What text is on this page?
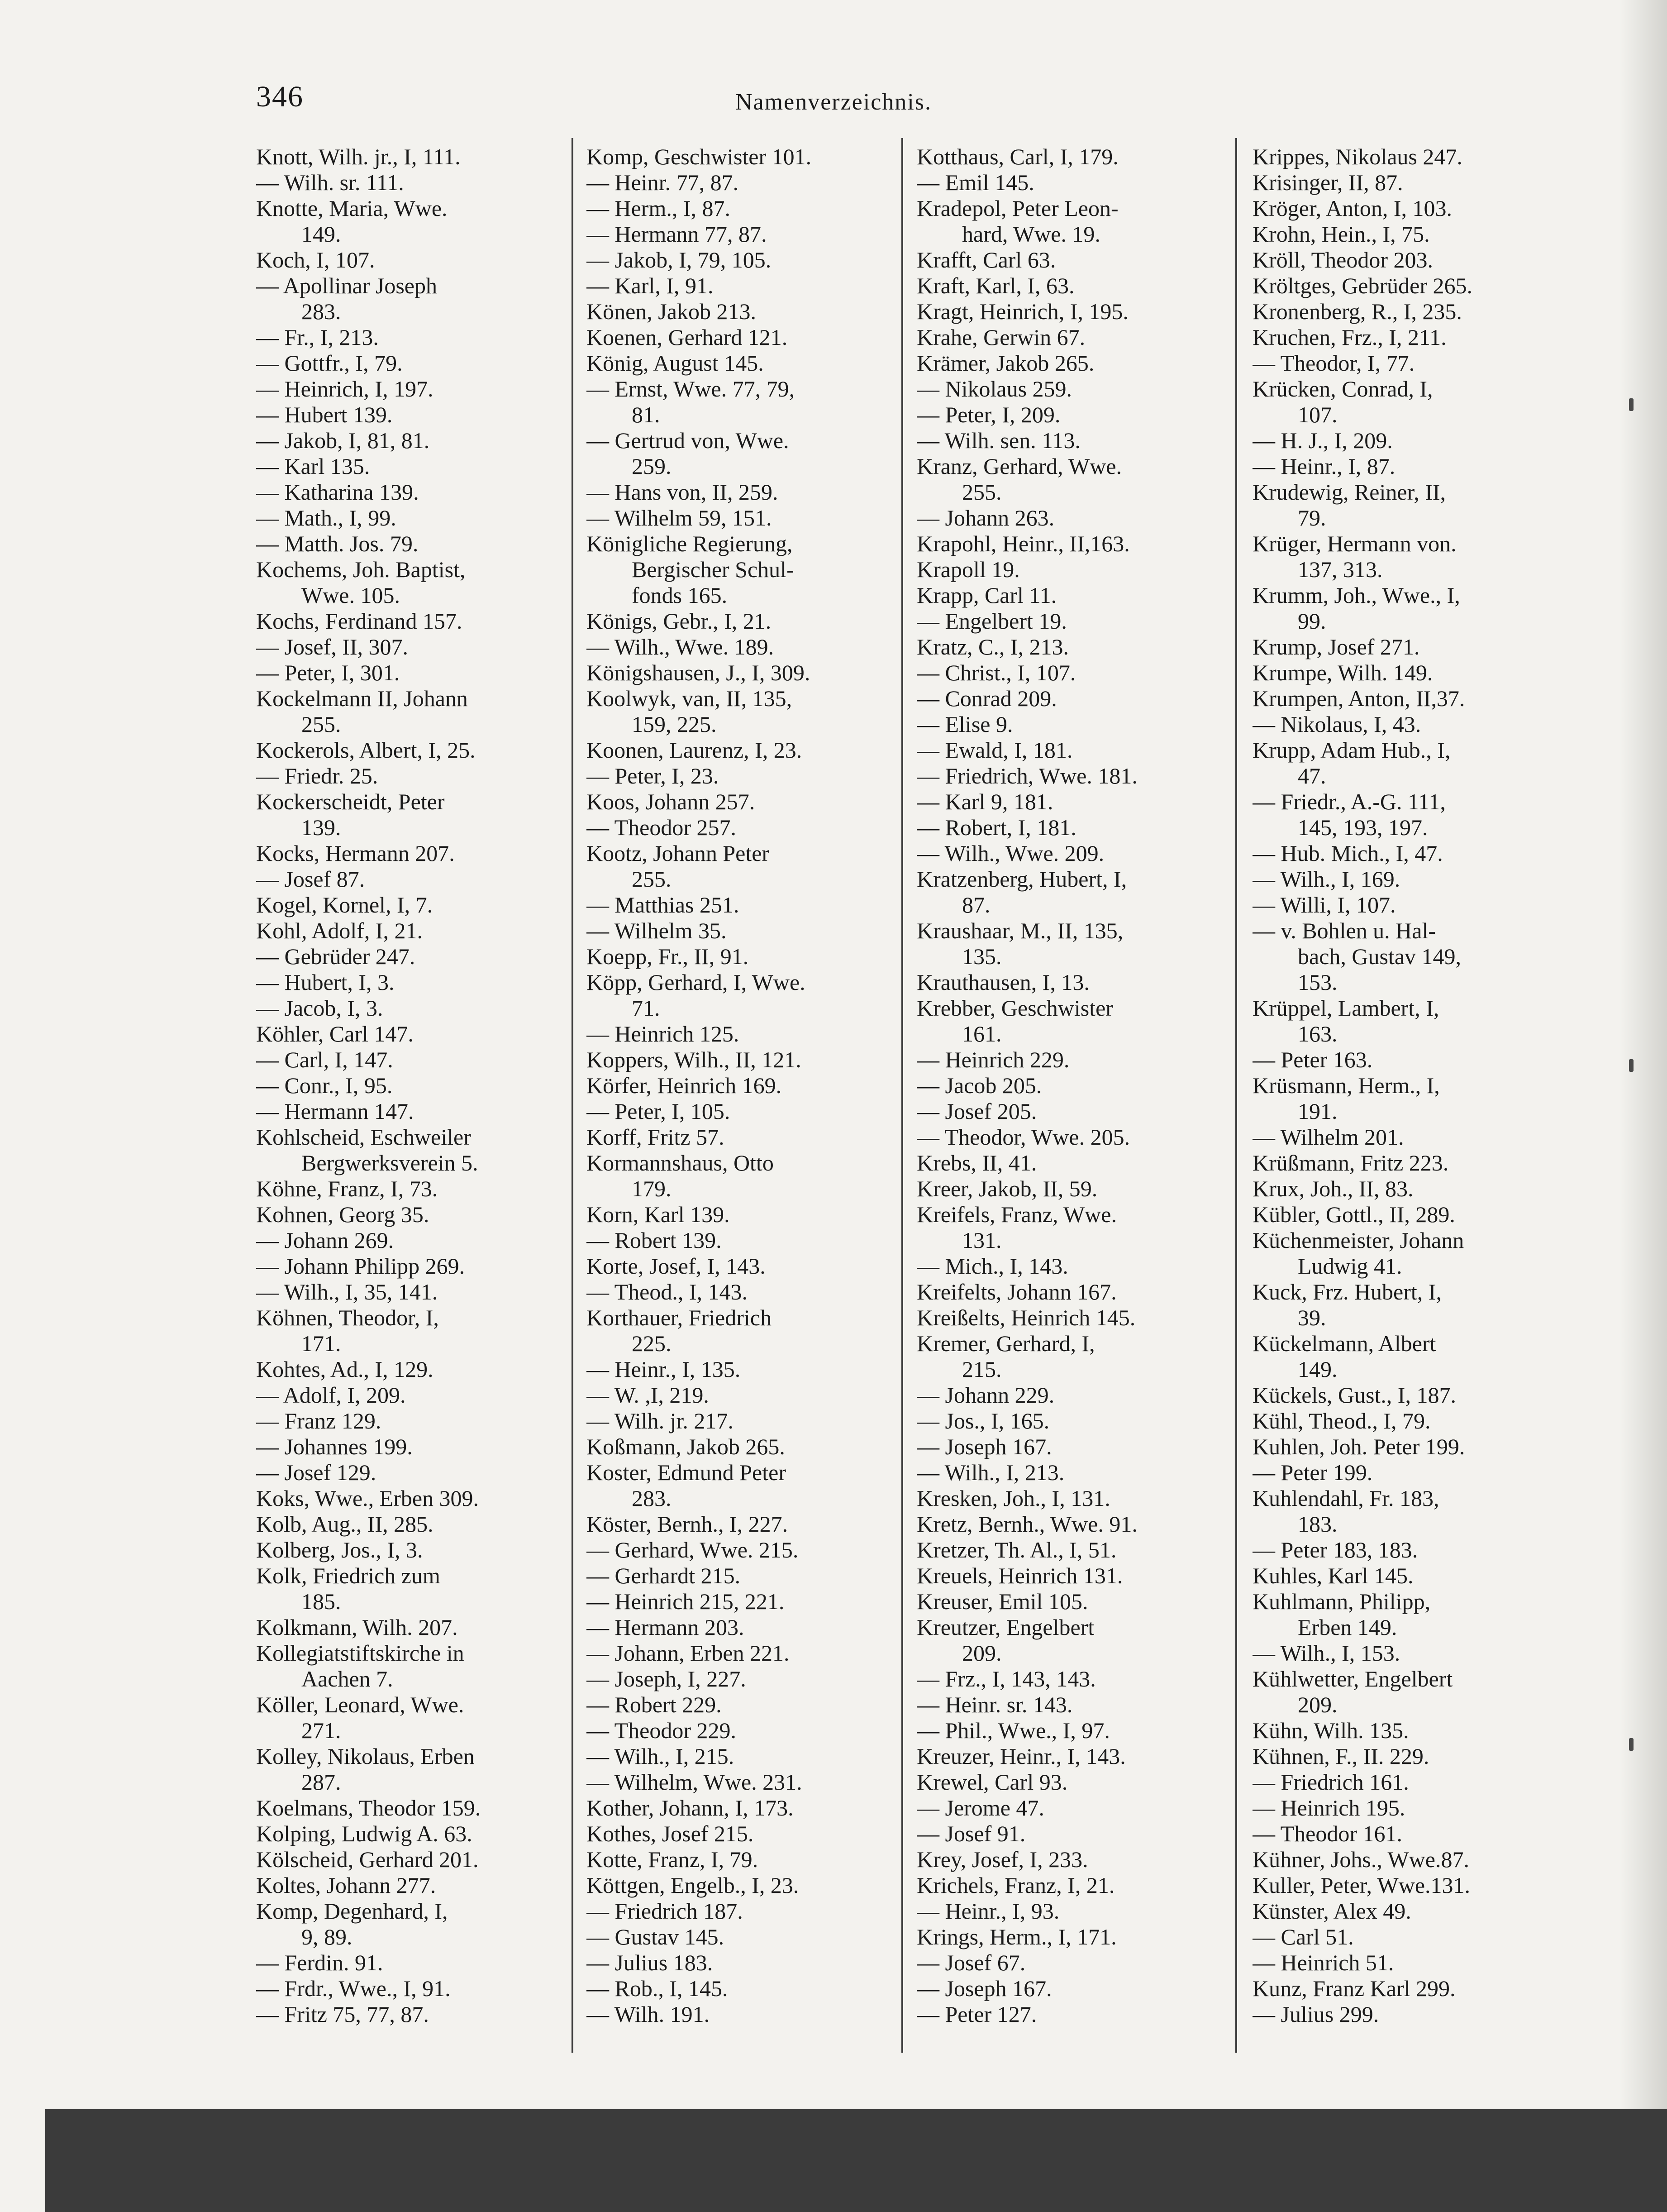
346	Namenverzeichnis.
Knott, Wilh. jr., I, 111.
— Wilh. sr. 111.
Knotte, Maria, Wwe.
149.
Koch, I, 107.
— Apollinar Joseph
283.
— Fr., I, 213.
— Gottfr., I, 79.
— Heinrich, I, 197.
— Hubert 139.
— Jakob, I, 81, 81.
— Karl 135.
— Katharina 139.
— Math., I, 99.
— Matth. Jos. 79.
Kochems, Joh. Baptist,
Wwe. 105.
Kochs, Ferdinand 157.
— Josef, II, 307.
— Peter, I, 301.
Kockelmann II, Johann
255.
Kockerols, Albert, I, 25.
— Friedr. 25.
Kockerscheidt, Peter
139.
Kocks, Hermann 207.
— Josef 87.
Kogel, Kornel, I, 7.
Kohl, Adolf, I, 21.
— Gebrüder 247.
— Hubert, I, 3.
— Jacob, I, 3.
Köhler, Carl 147.
— Carl, I, 147.
— Conr., I, 95.
— Hermann 147.
Kohlscheid, Eschweiler
Bergwerksverein 5.
Köhne, Franz, I, 73.
Kohnen, Georg 35.
— Johann 269.
— Johann Philipp 269.
— Wilh., I, 35, 141.
Köhnen, Theodor, I,
171.
Kohtes, Ad., I, 129.
— Adolf, I, 209.
— Franz 129.
— Johannes 199.
— Josef 129.
Koks, Wwe., Erben 309.
Kolb, Aug., II, 285.
Kolberg, Jos., I, 3.
Kolk, Friedrich zum
185.
Kolkmann, Wilh. 207.
Kollegiatstiftskirche in
Aachen 7.
Köller, Leonard, Wwe.
271.
Kolley, Nikolaus, Erben
287.
Koelmans, Theodor 159.
Kolping, Ludwig A. 63.
Kölscheid, Gerhard 201.
Koltes, Johann 277.
Komp, Degenhard, I,
9, 89.
— Ferdin. 91.
— Frdr., Wwe., I, 91.
— Fritz 75, 77, 87.
Komp, Geschwister 101.
— Heinr. 77, 87.
— Herm., I, 87.
— Hermann 77, 87.
— Jakob, I, 79, 105.
— Karl, I, 91.
Könen, Jakob 213.
Koenen, Gerhard 121.
König, August 145.
— Ernst, Wwe. 77, 79,
81.
— Gertrud von, Wwe.
259.
— Hans von, II, 259.
— Wilhelm 59, 151.
Königliche Regierung,
Bergischer Schul-
fonds 165.
Königs, Gebr., I, 21.
— Wilh., Wwe. 189.
Königshausen, J., I, 309.
Koolwyk, van, II, 135,
159, 225.
Koonen, Laurenz, I, 23.
— Peter, I, 23.
Koos, Johann 257.
— Theodor 257.
Kootz, Johann Peter
255.
— Matthias 251.
— Wilhelm 35.
Koepp, Fr., II, 91.
Köpp, Gerhard, I, Wwe.
71.
— Heinrich 125.
Koppers, Wilh., II, 121.
Körfer, Heinrich 169.
— Peter, I, 105.
Korff, Fritz 57.
Kormannshaus, Otto
179.
Korn, Karl 139.
— Robert 139.
Korte, Josef, I, 143.
— Theod., I, 143.
Korthauer, Friedrich
225.
— Heinr., I, 135.
— W. ,I, 219.
— Wilh. jr. 217.
Koßmann, Jakob 265.
Koster, Edmund Peter
283.
Köster, Bernh., I, 227.
— Gerhard, Wwe. 215.
— Gerhardt 215.
— Heinrich 215, 221.
— Hermann 203.
— Johann, Erben 221.
— Joseph, I, 227.
— Robert 229.
— Theodor 229.
— Wilh., I, 215.
— Wilhelm, Wwe. 231.
Kother, Johann, I, 173.
Kothes, Josef 215.
Kotte, Franz, I, 79.
Köttgen, Engelb., I, 23.
— Friedrich 187.
— Gustav 145.
— Julius 183.
— Rob., I, 145.
— Wilh. 191.
Kotthaus, Carl, I, 179.
— Emil 145.
Kradepol, Peter Leon-
hard, Wwe. 19.
Krafft, Carl 63.
Kraft, Karl, I, 63.
Kragt, Heinrich, I, 195.
Krahe, Gerwin 67.
Krämer, Jakob 265.
— Nikolaus 259.
— Peter, I, 209.
— Wilh. sen. 113.
Kranz, Gerhard, Wwe.
255.
— Johann 263.
Krapohl, Heinr., II,163.
Krapoll 19.
Krapp, Carl 11.
— Engelbert 19.
Kratz, C., I, 213.
— Christ., I, 107.
— Conrad 209.
— Elise 9.
— Ewald, I, 181.
— Friedrich, Wwe. 181.
— Karl 9, 181.
— Robert, I, 181.
— Wilh., Wwe. 209.
Kratzenberg, Hubert, I,
87.
Kraushaar, M., II, 135,
135.
Krauthausen, I, 13.
Krebber, Geschwister
161.
— Heinrich 229.
— Jacob 205.
— Josef 205.
— Theodor, Wwe. 205.
Krebs, II, 41.
Kreer, Jakob, II, 59.
Kreifels, Franz, Wwe.
131.
— Mich., I, 143.
Kreifelts, Johann 167.
Kreißelts, Heinrich 145.
Kremer, Gerhard, I,
215.
— Johann 229.
— Jos., I, 165.
— Joseph 167.
— Wilh., I, 213.
Kresken, Joh., I, 131.
Kretz, Bernh., Wwe. 91.
Kretzer, Th. Al., I, 51.
Kreuels, Heinrich 131.
Kreuser, Emil 105.
Kreutzer, Engelbert
209.
— Frz., I, 143, 143.
— Heinr. sr. 143.
— Phil., Wwe., I, 97.
Kreuzer, Heinr., I, 143.
Krewel, Carl 93.
— Jerome 47.
— Josef 91.
Krey, Josef, I, 233.
Krichels, Franz, I, 21.
— Heinr., I, 93.
Krings, Herm., I, 171.
— Josef 67.
— Joseph 167.
— Peter 127.
Krippes, Nikolaus 247.
Krisinger, II, 87.
Kröger, Anton, I, 103.
Krohn, Hein., I, 75.
Kröll, Theodor 203.
Kröltges, Gebrüder 265.
Kronenberg, R., I, 235.
Kruchen, Frz., I, 211.
— Theodor, I, 77.
Krücken, Conrad, I,
107.
— H. J., I, 209.
— Heinr., I, 87.
Krudewig, Reiner, II,
79.
Krüger, Hermann von.
137, 313.
Krumm, Joh., Wwe., I,
99.
Krump, Josef 271.
Krumpe, Wilh. 149.
Krumpen, Anton, II,37.
— Nikolaus, I, 43.
Krupp, Adam Hub., I,
47.
— Friedr., A.-G. 111,
145, 193, 197.
— Hub. Mich., I, 47.
— Wilh., I, 169.
— Willi, I, 107.
— v. Bohlen u. Hal-
bach, Gustav 149,
153.
Krüppel, Lambert, I,
163.
— Peter 163.
Krüsmann, Herm., I,
191.
— Wilhelm 201.
Krüßmann, Fritz 223.
Krux, Joh., II, 83.
Kübler, Gottl., II, 289.
Küchenmeister, Johann
Ludwig 41.
Kuck, Frz. Hubert, I,
39.
Kückelmann, Albert
149.
Kückels, Gust., I, 187.
Kühl, Theod., I, 79.
Kuhlen, Joh. Peter 199.
— Peter 199.
Kuhlendahl, Fr. 183,
183.
— Peter 183, 183.
Kuhles, Karl 145.
Kuhlmann, Philipp,
Erben 149.
— Wilh., I, 153.
Kühlwetter, Engelbert
209.
Kühn, Wilh. 135.
Kühnen, F., II. 229.
— Friedrich 161.
— Heinrich 195.
— Theodor 161.
Kühner, Johs., Wwe.87.
Kuller, Peter, Wwe.131.
Künster, Alex 49.
— Carl 51.
— Heinrich 51.
Kunz, Franz Karl 299.
— Julius 299.
